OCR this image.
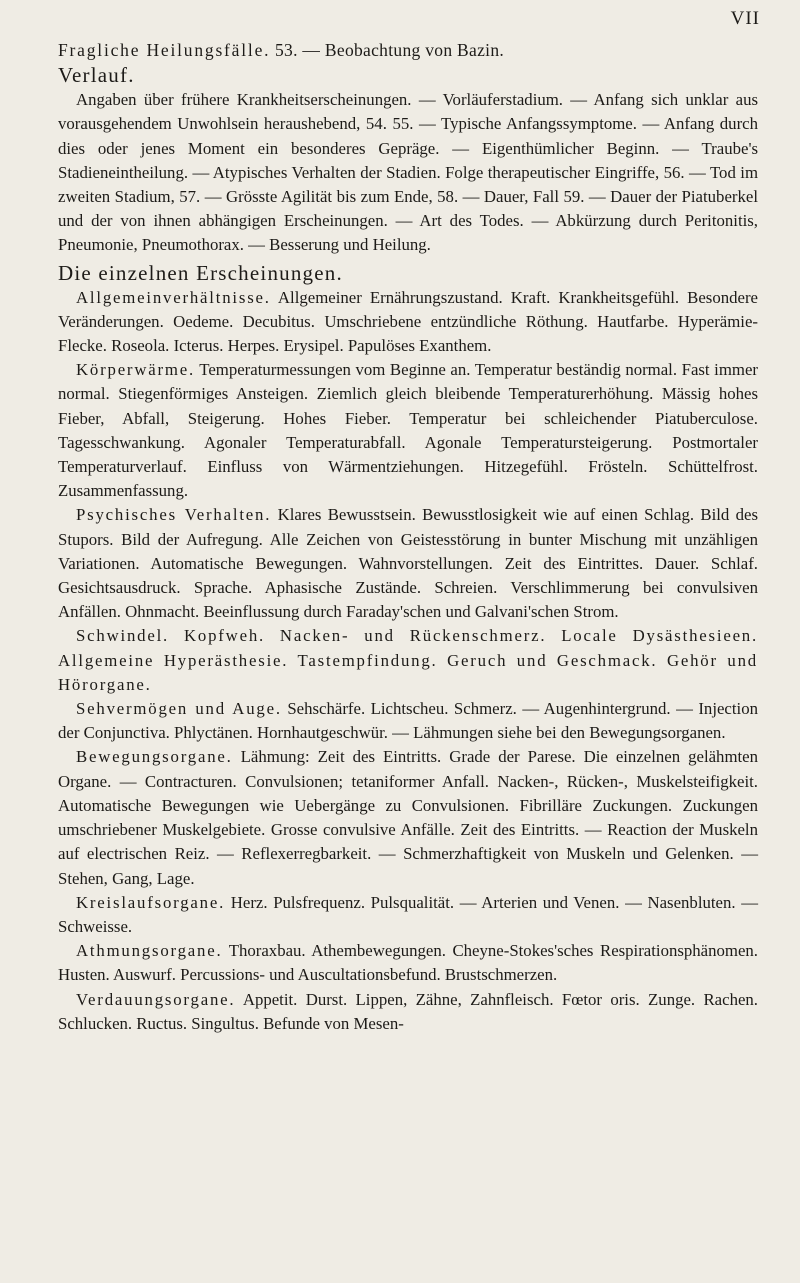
VII

Fragliche Heilungsfälle. 53. — Beobachtung von Bazin.

Verlauf.

Angaben über frühere Krankheitserscheinungen. — Vorläuferstadium. — Anfang sich unklar aus vorausgehendem Unwohlsein heraushebend, 54. 55. — Typische Anfangssymptome. — Anfang durch dies oder jenes Moment ein besonderes Gepräge. — Eigenthümlicher Beginn. — Traube's Stadieneintheilung. — Atypisches Verhalten der Stadien. Folge therapeutischer Eingriffe, 56. — Tod im zweiten Stadium, 57. — Grösste Agilität bis zum Ende, 58. — Dauer, Fall 59. — Dauer der Piatuberkel und der von ihnen abhängigen Erscheinungen. — Art des Todes. — Abkürzung durch Peritonitis, Pneumonie, Pneumothorax. — Besserung und Heilung.

Die einzelnen Erscheinungen.

Allgemeinverhältnisse. Allgemeiner Ernährungszustand. Kraft. Krankheitsgefühl. Besondere Veränderungen. Oedeme. Decubitus. Umschriebene entzündliche Röthung. Hautfarbe. Hyperämie-Flecke. Roseola. Icterus. Herpes. Erysipel. Papulöses Exanthem.

Körperwärme. Temperaturmessungen vom Beginne an. Temperatur beständig normal. Fast immer normal. Stiegenförmiges Ansteigen. Ziemlich gleich bleibende Temperaturerhöhung. Mässig hohes Fieber, Abfall, Steigerung. Hohes Fieber. Temperatur bei schleichender Piatuberculose. Tagesschwankung. Agonaler Temperaturabfall. Agonale Temperatursteigerung. Postmortaler Temperaturverlauf. Einfluss von Wärmentziehungen. Hitzegefühl. Frösteln. Schüttelfrost. Zusammenfassung.

Psychisches Verhalten. Klares Bewusstsein. Bewusstlosigkeit wie auf einen Schlag. Bild des Stupors. Bild der Aufregung. Alle Zeichen von Geistesstörung in bunter Mischung mit unzähligen Variationen. Automatische Bewegungen. Wahnvorstellungen. Zeit des Eintrittes. Dauer. Schlaf. Gesichtsausdruck. Sprache. Aphasische Zustände. Schreien. Verschlimmerung bei convulsiven Anfällen. Ohnmacht. Beeinflussung durch Faraday'schen und Galvani'schen Strom.

Schwindel. Kopfweh. Nacken- und Rückenschmerz. Locale Dysästhesieen. Allgemeine Hyperästhesie. Tastempfindung. Geruch und Geschmack. Gehör und Hörorgane.

Sehvermögen und Auge. Sehschärfe. Lichtscheu. Schmerz. — Augenhintergrund. — Injection der Conjunctiva. Phlyctänen. Hornhautgeschwür. — Lähmungen siehe bei den Bewegungsorganen.

Bewegungsorgane. Lähmung: Zeit des Eintritts. Grade der Parese. Die einzelnen gelähmten Organe. — Contracturen. Convulsionen; tetaniformer Anfall. Nacken-, Rücken-, Muskelsteifigkeit. Automatische Bewegungen wie Uebergänge zu Convulsionen. Fibrilläre Zuckungen. Zuckungen umschriebener Muskelgebiete. Grosse convulsive Anfälle. Zeit des Eintritts. — Reaction der Muskeln auf electrischen Reiz. — Reflexerregbarkeit. — Schmerzhaftigkeit von Muskeln und Gelenken. — Stehen, Gang, Lage.

Kreislaufsorgane. Herz. Pulsfrequenz. Pulsqualität. — Arterien und Venen. — Nasenbluten. — Schweisse.

Athmungsorgane. Thoraxbau. Athembewegungen. Cheyne-Stokes'sches Respirationsphänomen. Husten. Auswurf. Percussions- und Auscultationsbefund. Brustschmerzen.

Verdauungsorgane. Appetit. Durst. Lippen, Zähne, Zahnfleisch. Fœtor oris. Zunge. Rachen. Schlucken. Ructus. Singultus. Befunde von Mesen-
